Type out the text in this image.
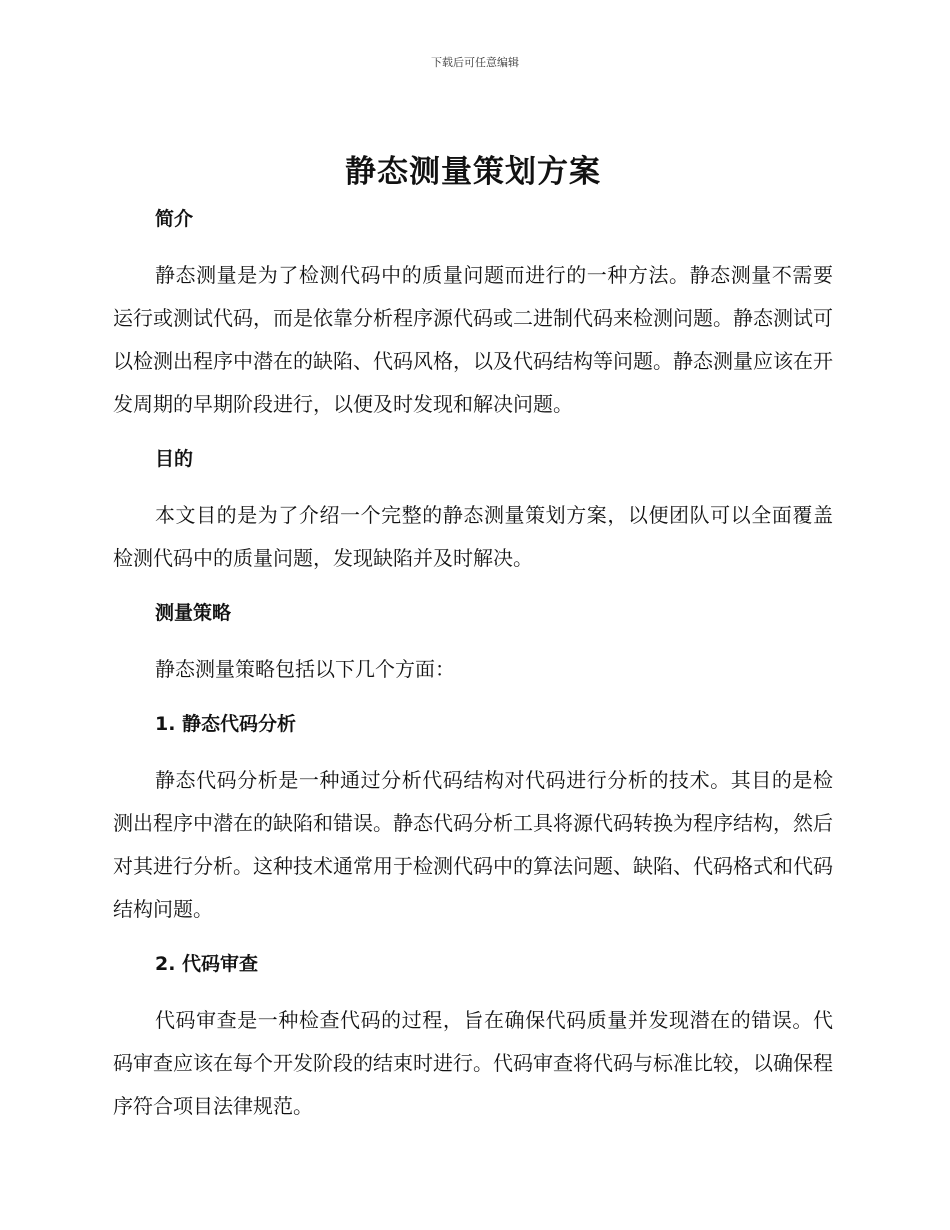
下载后可任意编辑
静态测量策划方案
简介

静态测量是为了检测代码中的质量问题而进行的一种方法。静态测量不需要运行或测试代码，而是依靠分析程序源代码或二进制代码来检测问题。静态测试可以检测出程序中潜在的缺陷、代码风格，以及代码结构等问题。静态测量应该在开发周期的早期阶段进行，以便及时发现和解决问题。

目的

本文目的是为了介绍一个完整的静态测量策划方案，以便团队可以全面覆盖检测代码中的质量问题，发现缺陷并及时解决。

测量策略

静态测量策略包括以下几个方面：

1. 静态代码分析

静态代码分析是一种通过分析代码结构对代码进行分析的技术。其目的是检测出程序中潜在的缺陷和错误。静态代码分析工具将源代码转换为程序结构，然后对其进行分析。这种技术通常用于检测代码中的算法问题、缺陷、代码格式和代码结构问题。

2. 代码审查

代码审查是一种检查代码的过程，旨在确保代码质量并发现潜在的错误。代码审查应该在每个开发阶段的结束时进行。代码审查将代码与标准比较，以确保程序符合项目法律规范。
